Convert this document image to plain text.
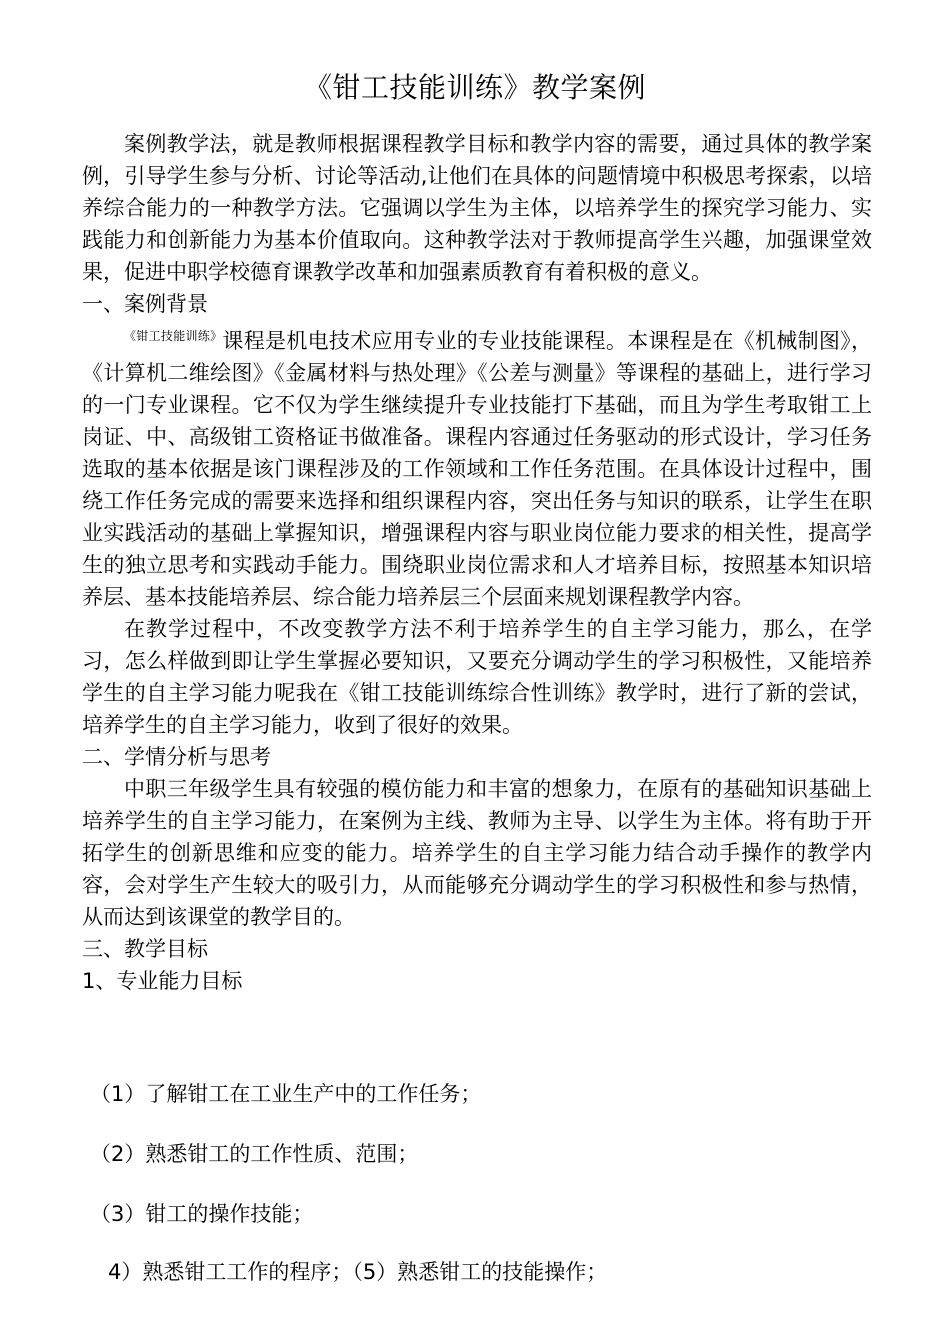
《钳工技能训练》教学案例

案例教学法，就是教师根据课程教学目标和教学内容的需要，通过具体的教学案例，引导学生参与分析、讨论等活动,让他们在具体的问题情境中积极思考探索，以培养综合能力的一种教学方法。它强调以学生为主体，以培养学生的探究学习能力、实践能力和创新能力为基本价值取向。这种教学法对于教师提高学生兴趣，加强课堂效果，促进中职学校德育课教学改革和加强素质教育有着积极的意义。

一、案例背景

$^{《钳工技能训练》}$课程是机电技术应用专业的专业技能课程。本课程是在《机械制图》，《计算机二维绘图》《金属材料与热处理》《公差与测量》等课程的基础上，进行学习的一门专业课程。它不仅为学生继续提升专业技能打下基础，而且为学生考取钳工上岗证、中、高级钳工资格证书做准备。课程内容通过任务驱动的形式设计，学习任务选取的基本依据是该门课程涉及的工作领域和工作任务范围。在具体设计过程中，围绕工作任务完成的需要来选择和组织课程内容，突出任务与知识的联系，让学生在职业实践活动的基础上掌握知识，增强课程内容与职业岗位能力要求的相关性，提高学生的独立思考和实践动手能力。围绕职业岗位需求和人才培养目标，按照基本知识培养层、基本技能培养层、综合能力培养层三个层面来规划课程教学内容。

在教学过程中，不改变教学方法不利于培养学生的自主学习能力，那么，在学习，怎么样做到即让学生掌握必要知识，又要充分调动学生的学习积极性，又能培养学生的自主学习能力呢我在《钳工技能训练综合性训练》教学时，进行了新的尝试，培养学生的自主学习能力，收到了很好的效果。

二、学情分析与思考

中职三年级学生具有较强的模仿能力和丰富的想象力，在原有的基础知识基础上培养学生的自主学习能力，在案例为主线、教师为主导、以学生为主体。将有助于开拓学生的创新思维和应变的能力。培养学生的自主学习能力结合动手操作的教学内容，会对学生产生较大的吸引力，从而能够充分调动学生的学习积极性和参与热情，从而达到该课堂的教学目的。

三、教学目标

1、专业能力目标

（1）了解钳工在工业生产中的工作任务；
（2）熟悉钳工的工作性质、范围；
（3）钳工的操作技能；
4）熟悉钳工工作的程序；（5）熟悉钳工的技能操作；
